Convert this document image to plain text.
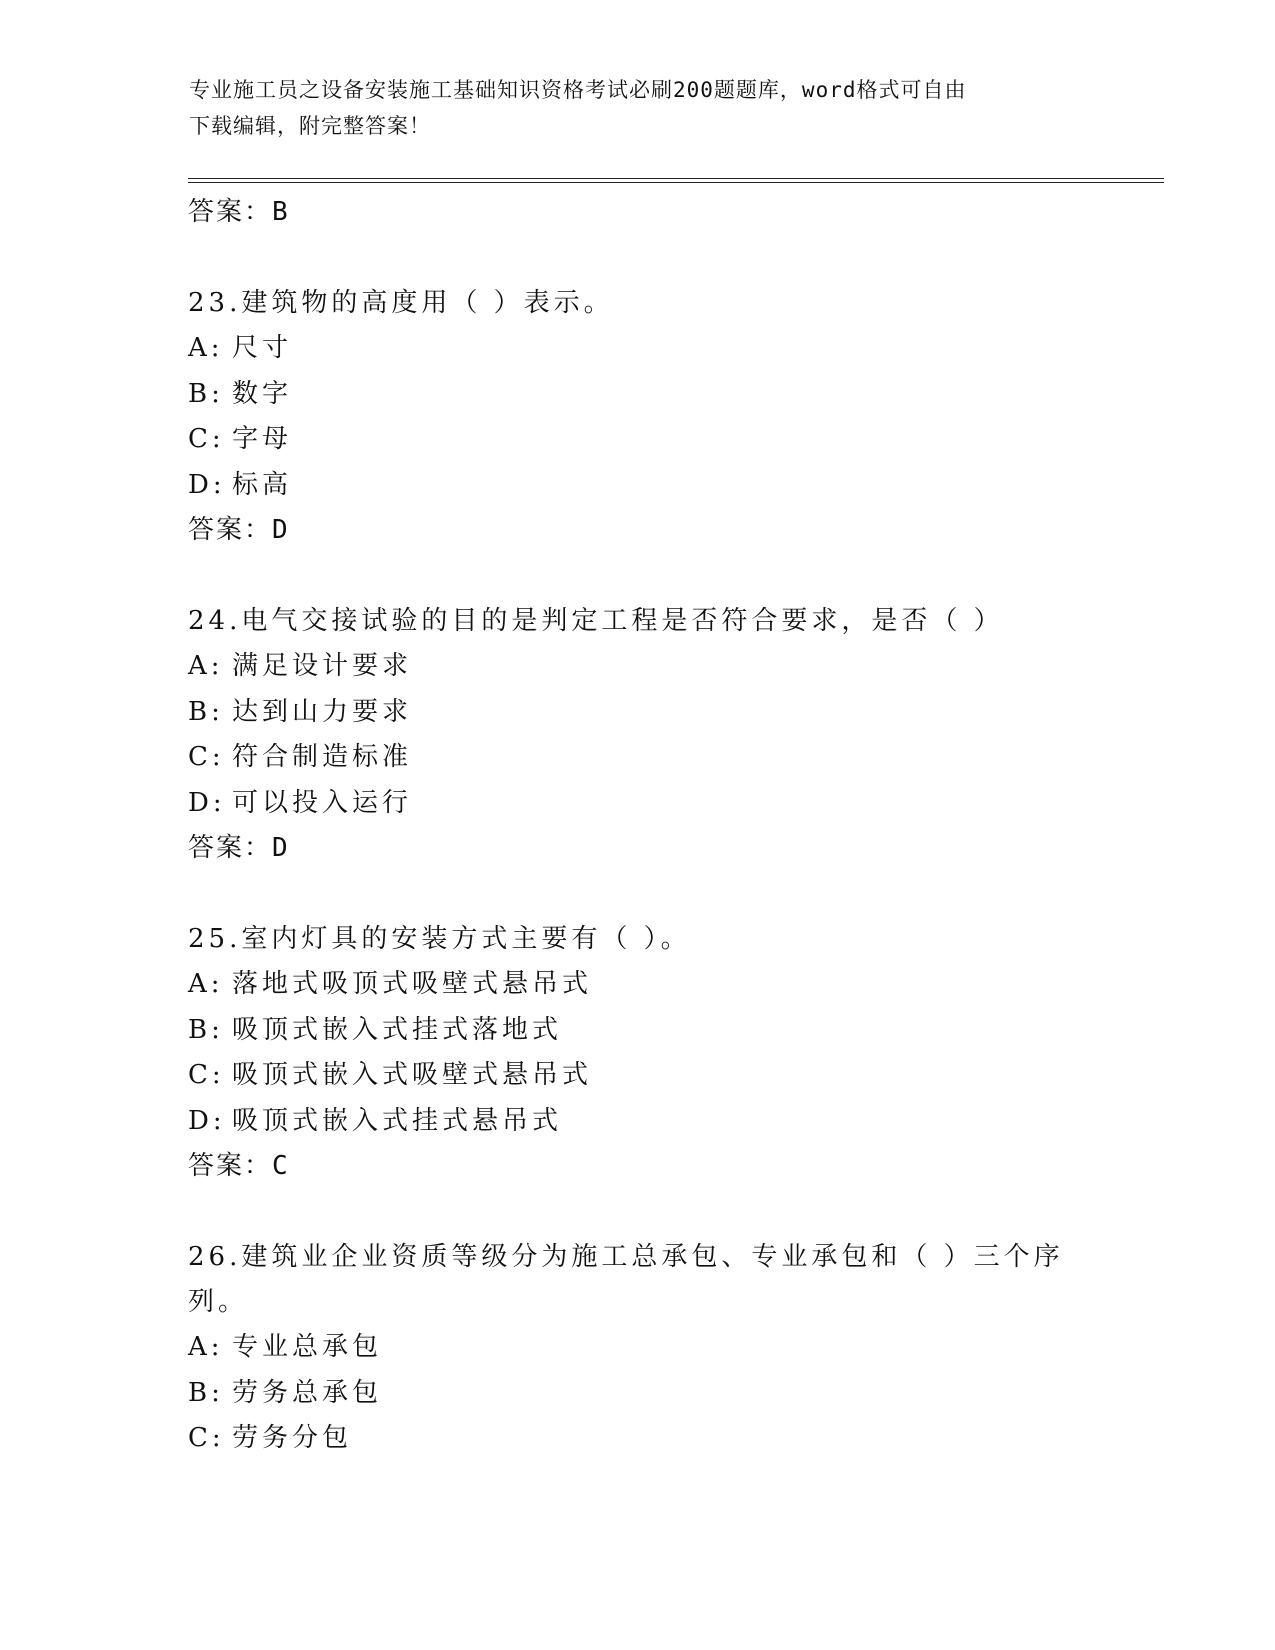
专业施工员之设备安装施工基础知识资格考试必刷200题题库，word格式可自由
下载编辑，附完整答案！
答案：B
23.建筑物的高度用（ ）表示。
A: 尺寸
B: 数字
C: 字母
D: 标高
答案：D
24.电气交接试验的目的是判定工程是否符合要求，是否（ ）
A: 满足设计要求
B: 达到山力要求
C: 符合制造标准
D: 可以投入运行
答案：D
25.室内灯具的安装方式主要有（ ）。
A: 落地式吸顶式吸壁式悬吊式
B: 吸顶式嵌入式挂式落地式
C: 吸顶式嵌入式吸壁式悬吊式
D: 吸顶式嵌入式挂式悬吊式
答案：C
26.建筑业企业资质等级分为施工总承包、专业承包和（ ）三个序列。
A: 专业总承包
B: 劳务总承包
C: 劳务分包
